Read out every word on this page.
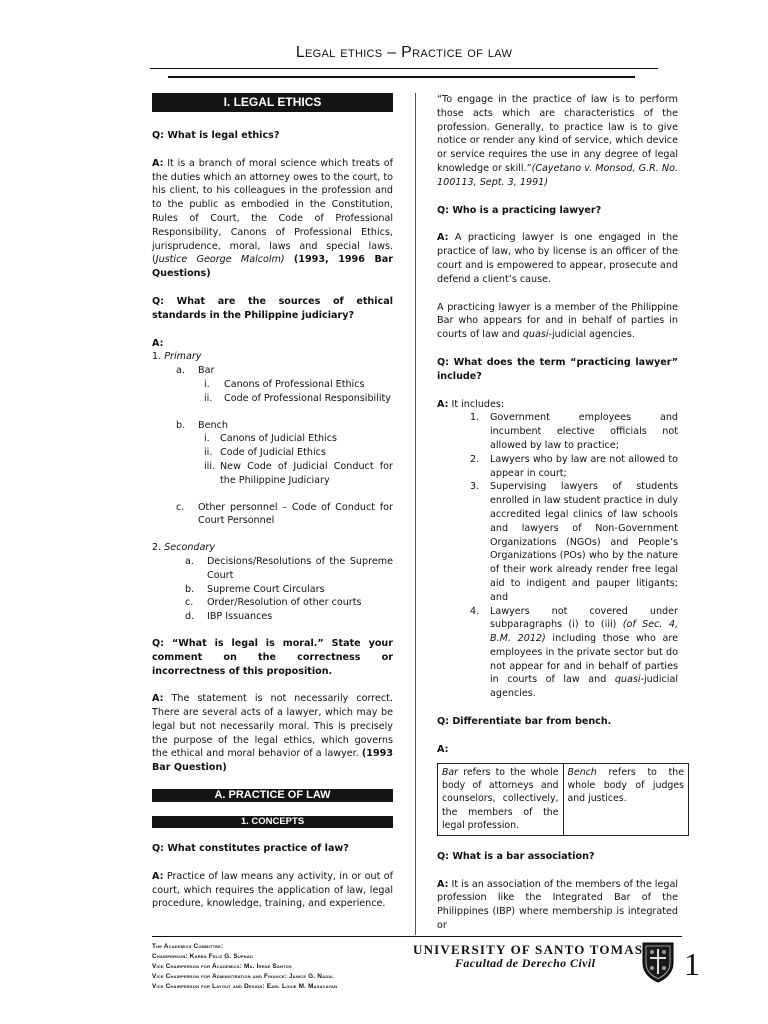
Legal ethics – Practice of law
I. LEGAL ETHICS

Q: What is legal ethics?

A: It is a branch of moral science which treats of the duties which an attorney owes to the court, to his client, to his colleagues in the profession and to the public as embodied in the Constitution, Rules of Court, the Code of Professional Responsibility, Canons of Professional Ethics, jurisprudence, moral, laws and special laws. (Justice George Malcolm) (1993, 1996 Bar Questions)

Q: What are the sources of ethical standards in the Philippine judiciary?

A:
1. Primary
a.	Bar
i.	Canons of Professional Ethics
ii.	Code of Professional Responsibility
b.	Bench
i.	Canons of Judicial Ethics
ii. Code of Judicial Ethics
iii. New Code of Judicial Conduct for the Philippine Judiciary
c.	Other personnel – Code of Conduct for Court Personnel
2. Secondary
a.	Decisions/Resolutions of the Supreme Court
b.	Supreme Court Circulars
c.	Order/Resolution of other courts
d.	IBP Issuances

Q: “What is legal is moral.” State your comment on the correctness or incorrectness of this proposition.

A: The statement is not necessarily correct. There are several acts of a lawyer, which may be legal but not necessarily moral. This is precisely the purpose of the legal ethics, which governs the ethical and moral behavior of a lawyer. (1993 Bar Question)

A. PRACTICE OF LAW
1. CONCEPTS

Q: What constitutes practice of law?

A: Practice of law means any activity, in or out of court, which requires the application of law, legal procedure, knowledge, training, and experience.

“To engage in the practice of law is to perform those acts which are characteristics of the profession. Generally, to practice law is to give notice or render any kind of service, which device or service requires the use in any degree of legal knowledge or skill.”(Cayetano v. Monsod, G.R. No. 100113, Sept. 3, 1991)

Q: Who is a practicing lawyer?

A: A practicing lawyer is one engaged in the practice of law, who by license is an officer of the court and is empowered to appear, prosecute and defend a client’s cause.

A practicing lawyer is a member of the Philippine Bar who appears for and in behalf of parties in courts of law and quasi-judicial agencies.

Q: What does the term “practicing lawyer” include?

A: It includes:
1.	Government employees and incumbent elective officials not allowed by law to practice;
2.	Lawyers who by law are not allowed to appear in court;
3.	Supervising lawyers of students enrolled in law student practice in duly accredited legal clinics of law schools and lawyers of Non-Government Organizations (NGOs) and People’s Organizations (POs) who by the nature of their work already render free legal aid to indigent and pauper litigants; and
4.	Lawyers not covered under subparagraphs (i) to (iii) (of Sec. 4, B.M. 2012) including those who are employees in the private sector but do not appear for and in behalf of parties in courts of law and quasi-judicial agencies.

Q: Differentiate bar from bench.

A:
Bar refers to the whole body of attorneys and counselors, collectively, the members of the legal profession.	Bench refers to the whole body of judges and justices.

Q: What is a bar association?

A: It is an association of the members of the legal profession like the Integrated Bar of the Philippines (IBP) where membership is integrated or

The Academics Committee:
Chairperson: Karen Feliz G. Supnad
Vice Chairperson for Academics: Ma. Irene Santos
Vice Chairperson for Administration and Finance: Janice G. Nadal
Vice Chairperson for Layout and Design: Earl Louie M. Masacayan
UNIVERSITY OF SANTO TOMAS
Facultad de Derecho Civil	1
